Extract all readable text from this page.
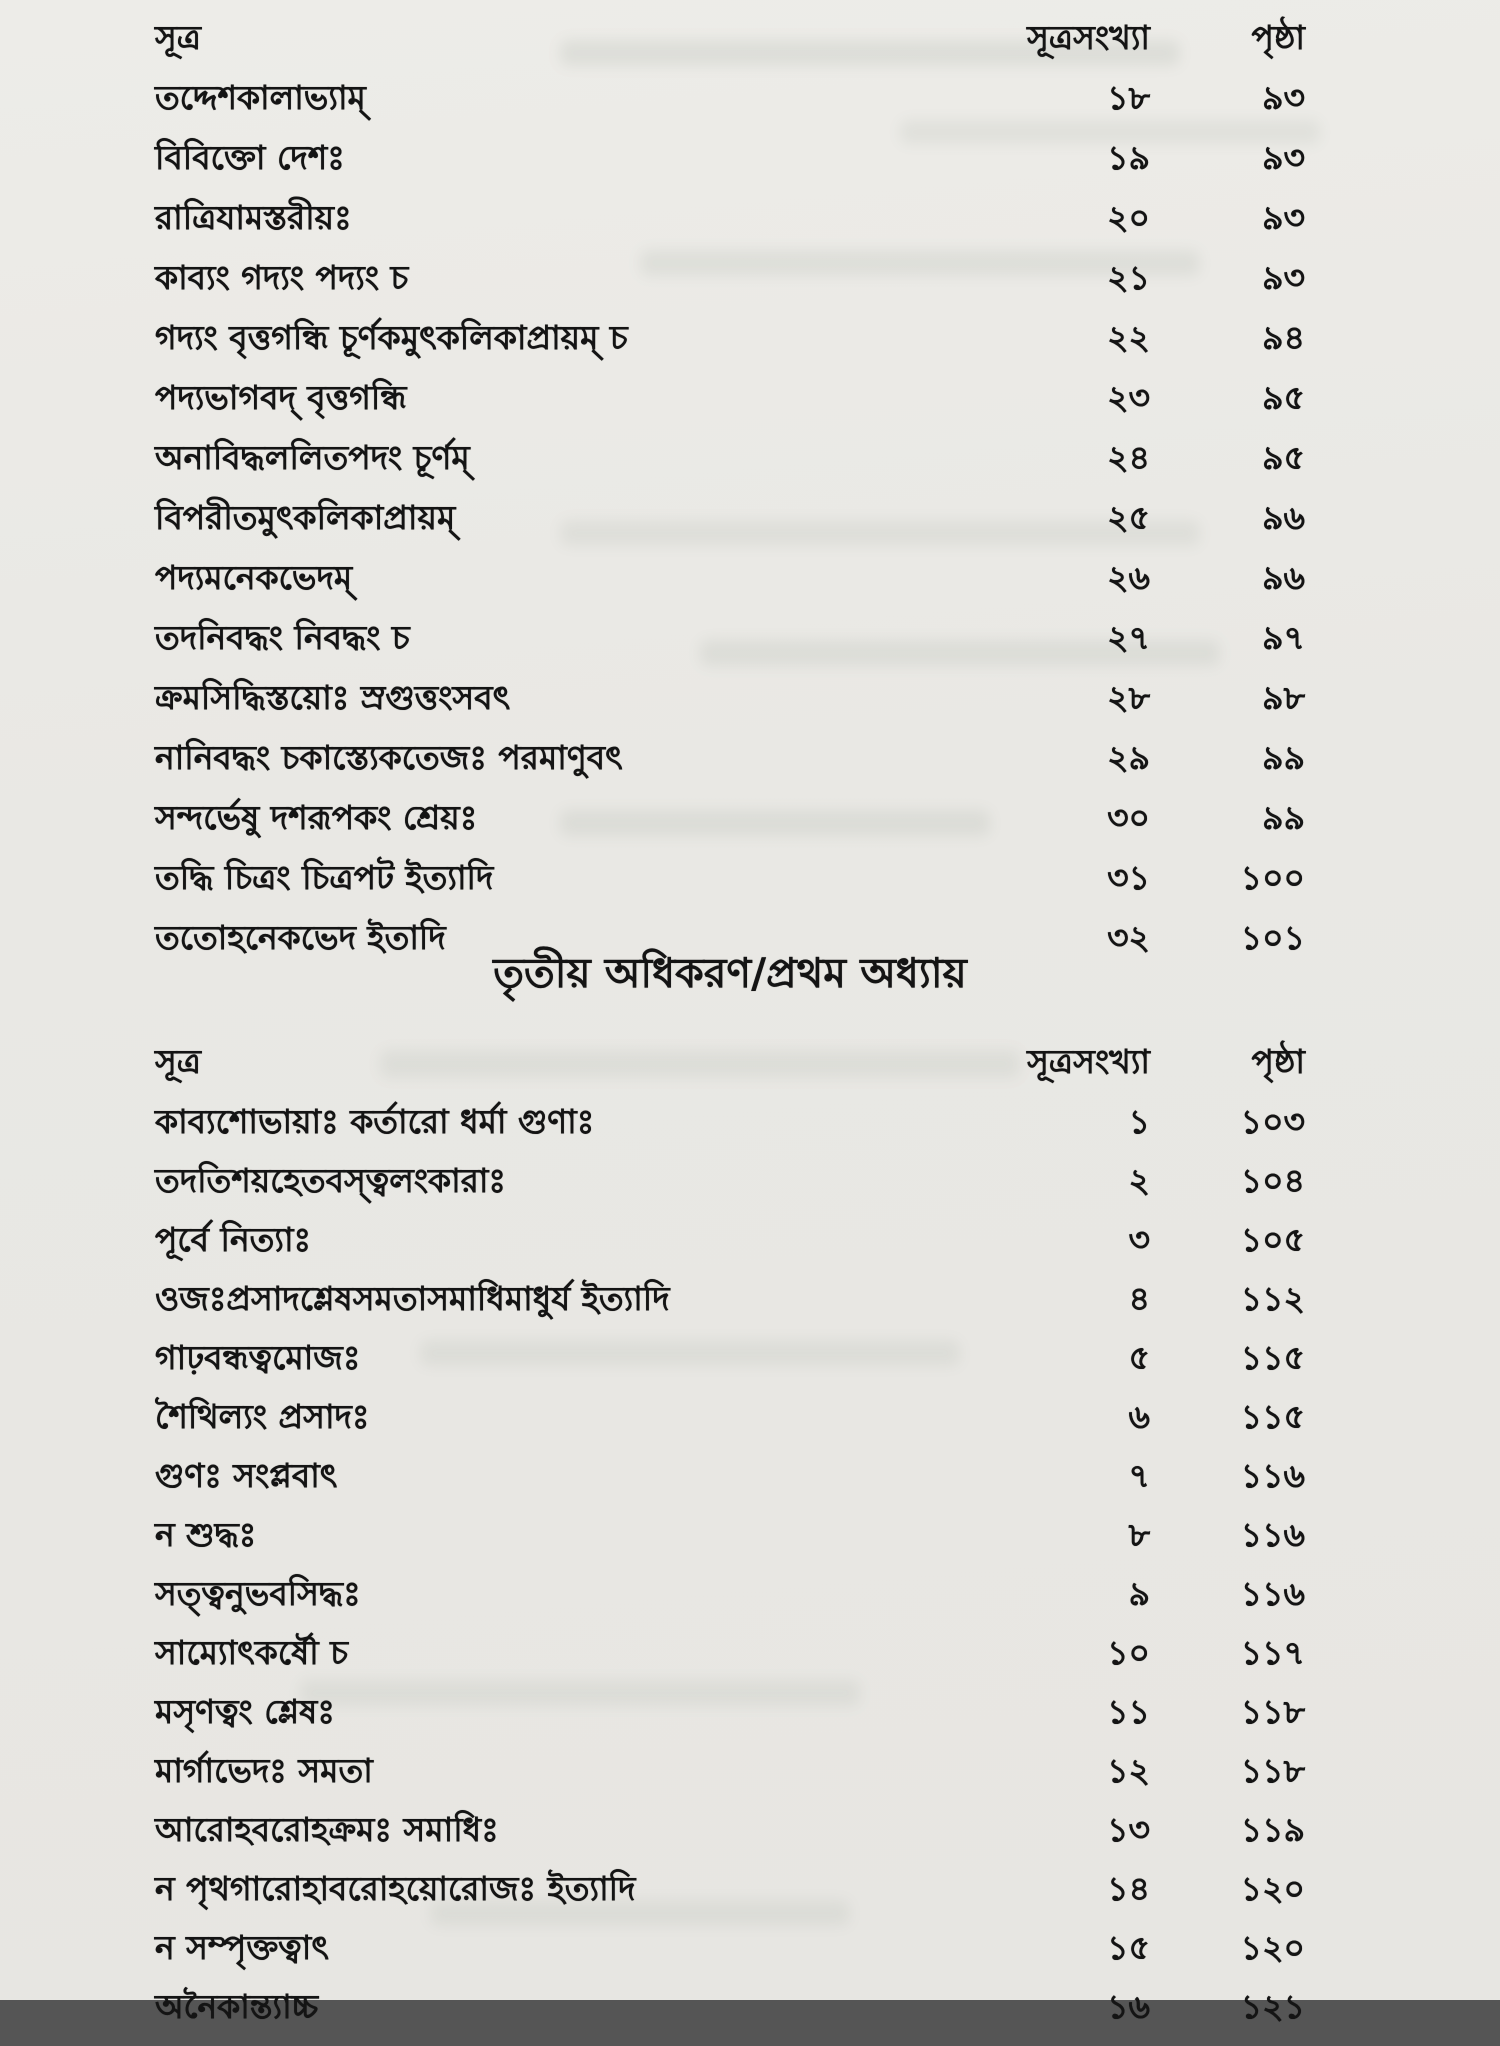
সূত্র	সূত্রসংখ্যা	পৃষ্ঠা
তদ্দেশকালাভ্যাম্	১৮	৯৩
বিবিক্তো দেশঃ	১৯	৯৩
রাত্রিযামস্তরীয়ঃ	২০	৯৩
কাব্যং গদ্যং পদ্যং চ	২১	৯৩
গদ্যং বৃত্তগন্ধি চূর্ণকমুৎকলিকাপ্রায়ম্ চ	২২	৯৪
পদ্যভাগবদ্ বৃত্তগন্ধি	২৩	৯৫
অনাবিদ্ধললিতপদং চূর্ণম্	২৪	৯৫
বিপরীতমুৎকলিকাপ্রায়ম্	২৫	৯৬
পদ্যমনেকভেদম্	২৬	৯৬
তদনিবদ্ধং নিবদ্ধং চ	২৭	৯৭
ক্রমসিদ্ধিস্তয়োঃ স্রগুত্তংসবৎ	২৮	৯৮
নানিবদ্ধং চকাস্ত্যেকতেজঃ পরমাণুবৎ	২৯	৯৯
সন্দর্ভেষু দশরূপকং শ্রেয়ঃ	৩০	৯৯
তদ্ধি চিত্রং চিত্রপট ইত্যাদি	৩১	১০০
ততোহনেকভেদ ইতাদি	৩২	১০১
তৃতীয় অধিকরণ/প্রথম অধ্যায়
সূত্র	সূত্রসংখ্যা	পৃষ্ঠা
কাব্যশোভায়াঃ কর্তারো ধর্মা গুণাঃ	১	১০৩
তদতিশয়হেতবস্ত্বলংকারাঃ	২	১০৪
পূর্বে নিত্যাঃ	৩	১০৫
ওজঃপ্রসাদশ্লেষসমতাসমাধিমাধুর্য ইত্যাদি	৪	১১২
গাঢ়বন্ধত্বমোজঃ	৫	১১৫
শৈথিল্যং প্রসাদঃ	৬	১১৫
গুণঃ সংপ্লবাৎ	৭	১১৬
ন শুদ্ধঃ	৮	১১৬
সত্ত্বনুভবসিদ্ধঃ	৯	১১৬
সাম্যোৎকর্ষৌ চ	১০	১১৭
মসৃণত্বং শ্লেষঃ	১১	১১৮
মার্গাভেদঃ সমতা	১২	১১৮
আরোহবরোহক্রমঃ সমাধিঃ	১৩	১১৯
ন পৃথগারোহাবরোহয়োরোজঃ ইত্যাদি	১৪	১২০
ন সম্পৃক্তত্বাৎ	১৫	১২০
অনৈকান্ত্যাচ্চ	১৬	১২১
